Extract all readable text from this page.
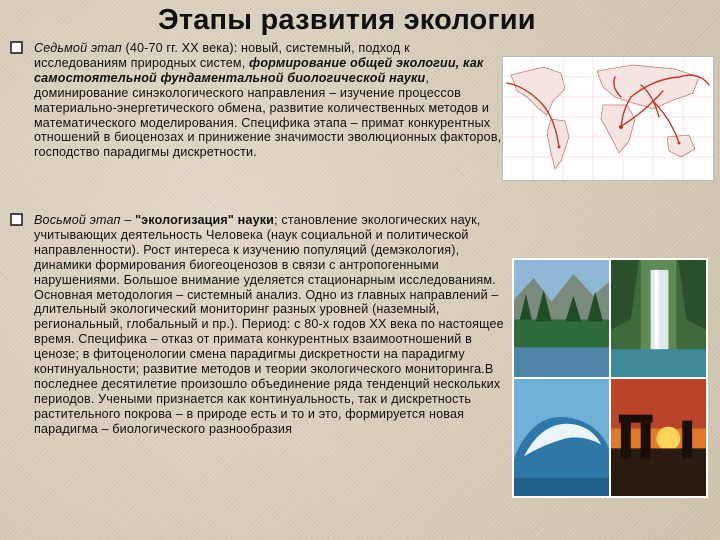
Этапы развития экологии
Седьмой этап (40-70 гг. XX века): новый, системный, подход к исследованиям природных систем, формирование общей экологии, как самостоятельной фундаментальной биологической науки, доминирование синэкологического направления – изучение процессов материально-энергетического обмена, развитие количественных методов и математического моделирования. Специфика этапа – примат конкурентных отношений в биоценозах и принижение значимости эволюционных факторов, господство парадигмы дискретности.
Восьмой этап – "экологизация" науки; становление экологических наук, учитывающих деятельность Человека (наук социальной и политической направленности). Рост интереса к изучению популяций (демэкология), динамики формирования биогеоценозов в связи с антропогенными нарушениями. Большое внимание уделяется стационарным исследованиям. Основная методология – системный анализ. Одно из главных направлений – длительный экологический мониторинг разных уровней (наземный, региональный, глобальный и пр.). Период: с 80-х годов XX века по настоящее время. Специфика – отказ от примата конкурентных взаимоотношений в ценозе; в фитоценологии смена парадигмы дискретности на парадигму континуальности; развитие методов и теории экологического мониторинга.В последнее десятилетие произошло объединение ряда тенденций нескольких периодов. Учеными признается как континуальность, так и дискретность растительного покрова – в природе есть и то и это, формируется новая парадигма – биологического разнообразия
